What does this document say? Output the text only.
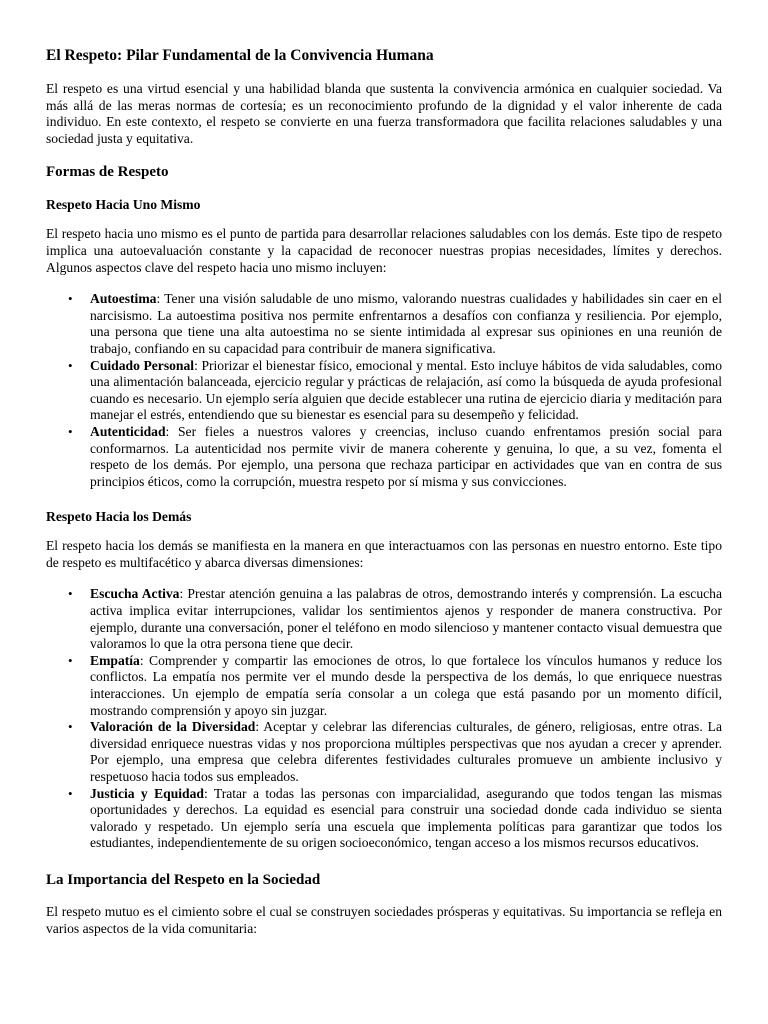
El Respeto: Pilar Fundamental de la Convivencia Humana

El respeto es una virtud esencial y una habilidad blanda que sustenta la convivencia armónica en cualquier sociedad. Va más allá de las meras normas de cortesía; es un reconocimiento profundo de la dignidad y el valor inherente de cada individuo. En este contexto, el respeto se convierte en una fuerza transformadora que facilita relaciones saludables y una sociedad justa y equitativa.

Formas de Respeto
Respeto Hacia Uno Mismo

El respeto hacia uno mismo es el punto de partida para desarrollar relaciones saludables con los demás. Este tipo de respeto implica una autoevaluación constante y la capacidad de reconocer nuestras propias necesidades, límites y derechos. Algunos aspectos clave del respeto hacia uno mismo incluyen:

• Autoestima: Tener una visión saludable de uno mismo, valorando nuestras cualidades y habilidades sin caer en el narcisismo. La autoestima positiva nos permite enfrentarnos a desafíos con confianza y resiliencia. Por ejemplo, una persona que tiene una alta autoestima no se siente intimidada al expresar sus opiniones en una reunión de trabajo, confiando en su capacidad para contribuir de manera significativa.
• Cuidado Personal: Priorizar el bienestar físico, emocional y mental. Esto incluye hábitos de vida saludables, como una alimentación balanceada, ejercicio regular y prácticas de relajación, así como la búsqueda de ayuda profesional cuando es necesario. Un ejemplo sería alguien que decide establecer una rutina de ejercicio diaria y meditación para manejar el estrés, entendiendo que su bienestar es esencial para su desempeño y felicidad.
• Autenticidad: Ser fieles a nuestros valores y creencias, incluso cuando enfrentamos presión social para conformarnos. La autenticidad nos permite vivir de manera coherente y genuina, lo que, a su vez, fomenta el respeto de los demás. Por ejemplo, una persona que rechaza participar en actividades que van en contra de sus principios éticos, como la corrupción, muestra respeto por sí misma y sus convicciones.
Respeto Hacia los Demás

El respeto hacia los demás se manifiesta en la manera en que interactuamos con las personas en nuestro entorno. Este tipo de respeto es multifacético y abarca diversas dimensiones:

• Escucha Activa: Prestar atención genuina a las palabras de otros, demostrando interés y comprensión. La escucha activa implica evitar interrupciones, validar los sentimientos ajenos y responder de manera constructiva. Por ejemplo, durante una conversación, poner el teléfono en modo silencioso y mantener contacto visual demuestra que valoramos lo que la otra persona tiene que decir.
• Empatía: Comprender y compartir las emociones de otros, lo que fortalece los vínculos humanos y reduce los conflictos. La empatía nos permite ver el mundo desde la perspectiva de los demás, lo que enriquece nuestras interacciones. Un ejemplo de empatía sería consolar a un colega que está pasando por un momento difícil, mostrando comprensión y apoyo sin juzgar.
• Valoración de la Diversidad: Aceptar y celebrar las diferencias culturales, de género, religiosas, entre otras. La diversidad enriquece nuestras vidas y nos proporciona múltiples perspectivas que nos ayudan a crecer y aprender. Por ejemplo, una empresa que celebra diferentes festividades culturales promueve un ambiente inclusivo y respetuoso hacia todos sus empleados.
• Justicia y Equidad: Tratar a todas las personas con imparcialidad, asegurando que todos tengan las mismas oportunidades y derechos. La equidad es esencial para construir una sociedad donde cada individuo se sienta valorado y respetado. Un ejemplo sería una escuela que implementa políticas para garantizar que todos los estudiantes, independientemente de su origen socioeconómico, tengan acceso a los mismos recursos educativos.
La Importancia del Respeto en la Sociedad

El respeto mutuo es el cimiento sobre el cual se construyen sociedades prósperas y equitativas. Su importancia se refleja en varios aspectos de la vida comunitaria:
